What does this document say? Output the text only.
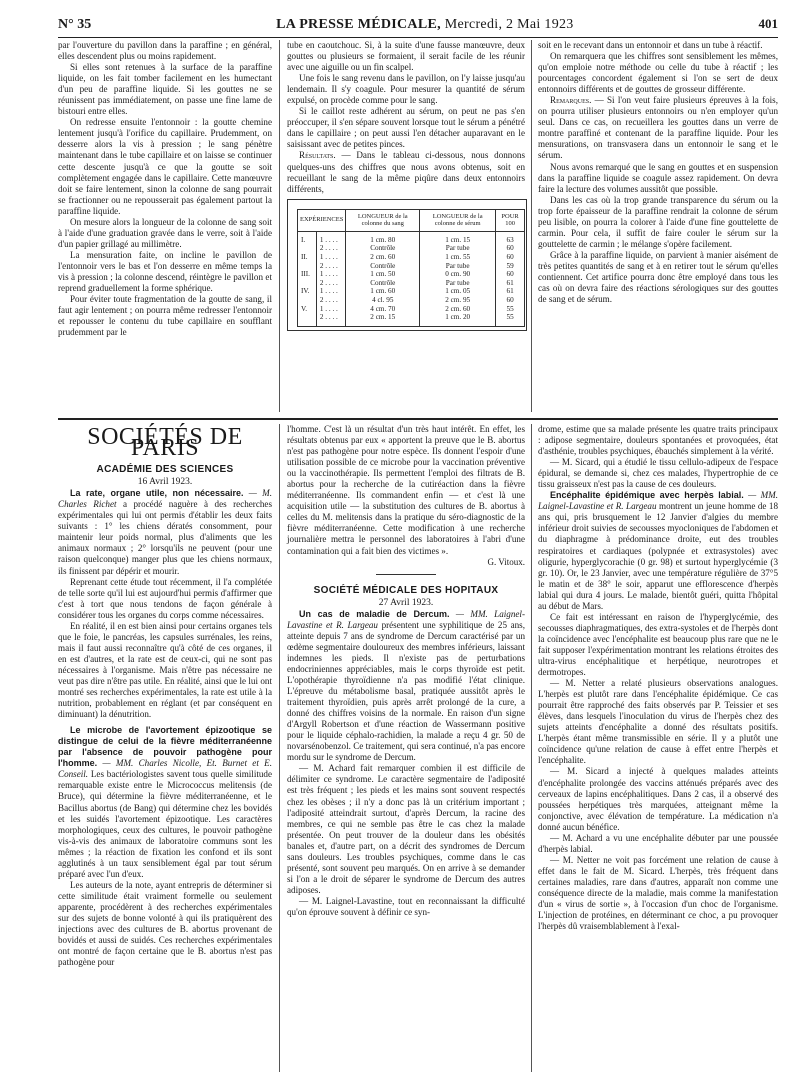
N° 35	LA PRESSE MÉDICALE, Mercredi, 2 Mai 1923	401

par l'ouverture du pavillon dans la paraffine ; en général, elles descendent plus ou moins rapidement.

Si elles sont retenues à la surface de la paraffine liquide, on les fait tomber facilement en les humectant d'un peu de paraffine liquide. Si les gouttes ne se réunissent pas immédiatement, on passe une fine lame de bistouri entre elles.

On redresse ensuite l'entonnoir : la goutte chemine lentement jusqu'à l'orifice du capillaire. Prudemment, on desserre alors la vis à pression ; le sang pénètre maintenant dans le tube capillaire et on laisse se continuer cette descente jusqu'à ce que la goutte se soit complètement engagée dans le capillaire. Cette manœuvre doit se faire lentement, sinon la colonne de sang pourrait se fractionner ou ne repousserait pas également partout la paraffine liquide.

On mesure alors la longueur de la colonne de sang soit à l'aide d'une graduation gravée dans le verre, soit à l'aide d'un papier grillagé au millimètre.

La mensuration faite, on incline le pavillon de l'entonnoir vers le bas et l'on desserre en même temps la vis à pression ; la colonne descend, réintègre le pavillon et reprend graduellement la forme sphérique.

Pour éviter toute fragmentation de la goutte de sang, il faut agir lentement ; on pourra même redresser l'entonnoir et repousser le contenu du tube capillaire en soufflant prudemment par le

tube en caoutchouc. Si, à la suite d'une fausse manœuvre, deux gouttes ou plusieurs se formaient, il serait facile de les réunir avec une aiguille ou un fin scalpel.

Une fois le sang revenu dans le pavillon, on l'y laisse jusqu'au lendemain. Il s'y coagule. Pour mesurer la quantité de sérum expulsé, on procède comme pour le sang.

Si le caillot reste adhérent au sérum, on peut ne pas s'en préoccuper, il s'en sépare souvent lorsque tout le sérum a pénétré dans le capillaire ; on peut aussi l'en détacher auparavant en le saisissant avec de petites pinces.

Résultats. — Dans le tableau ci-dessous, nous donnons quelques-uns des chiffres que nous avons obtenus, soit en recueillant le sang de la même piqûre dans deux entonnoirs différents,

EXPÉRIENCES		LONGUEUR de la colonne du sang	LONGUEUR de la colonne de sérum	POUR 100
I.	1 . . . .	1 cm. 80	1 cm. 15	63
	2 . . . .	Contrôle	Par tube	60
II.	1 . . . .	2 cm. 60	1 cm. 55	60
	2 . . . .	Contrôle	Par tube	59
III.	1 . . . .	1 cm. 50	0 cm. 90	60
	2 . . . .	Contrôle	Par tube	61
IV.	1 . . . .	1 cm. 60	1 cm. 05	61
	2 . . . .	4 cl. 95	2 cm. 95	60
V.	1 . . . .	4 cm. 70	2 cm. 60	55
	2 . . . .	2 cm. 15	1 cm. 20	55

soit en le recevant dans un entonnoir et dans un tube à réactif.

On remarquera que les chiffres sont sensiblement les mêmes, qu'on emploie notre méthode ou celle du tube à réactif ; les pourcentages concordent également si l'on se sert de deux entonnoirs différents et de gouttes de grosseur différente.

Remarques. — Si l'on veut faire plusieurs épreuves à la fois, on pourra utiliser plusieurs entonnoirs ou n'en employer qu'un seul. Dans ce cas, on recueillera les gouttes dans un verre de montre paraffiné et contenant de la paraffine liquide. Pour les mensurations, on transvasera dans un entonnoir le sang et le sérum.

Nous avons remarqué que le sang en gouttes et en suspension dans la paraffine liquide se coagule assez rapidement. On devra faire la lecture des volumes aussitôt que possible.

Dans les cas où la trop grande transparence du sérum ou la trop forte épaisseur de la paraffine rendrait la colonne de sérum peu lisible, on pourra la colorer à l'aide d'une fine gouttelette de carmin. Pour cela, il suffit de faire couler le sérum sur la gouttelette de carmin ; le mélange s'opère facilement.

Grâce à la paraffine liquide, on parvient à manier aisément de très petites quantités de sang et à en retirer tout le sérum qu'elles contiennent. Cet artifice pourra donc être employé dans tous les cas où on devra faire des réactions sérologiques sur des gouttes de sang et de sérum.

SOCIÉTÉS DE PARIS
ACADÉMIE DES SCIENCES

16 Avril 1923.

La rate, organe utile, non nécessaire. — M. Charles Richet a procédé naguère à des recherches expérimentales qui lui ont permis d'établir les deux faits suivants : 1° les chiens dératés consomment, pour maintenir leur poids normal, plus d'aliments que les animaux normaux ; 2° lorsqu'ils ne peuvent (pour une raison quelconque) manger plus que les chiens normaux, ils finissent par dépérir et mourir.

Reprenant cette étude tout récemment, il l'a complétée de telle sorte qu'il lui est aujourd'hui permis d'affirmer que c'est à tort que nous tendons de façon générale à considérer tous les organes du corps comme nécessaires.

En réalité, il en est bien ainsi pour certains organes tels que le foie, le pancréas, les capsules surrénales, les reins, mais il faut aussi reconnaître qu'à côté de ces organes, il en est d'autres, et la rate est de ceux-ci, qui ne sont pas nécessaires à l'organisme. Mais n'être pas nécessaire ne veut pas dire n'être pas utile. En réalité, ainsi que le lui ont montré ses recherches expérimentales, la rate est utile à la nutrition, probablement en réglant (et par conséquent en diminuant) la dénutrition.

Le microbe de l'avortement épizootique se distingue de celui de la fièvre méditerranéenne par l'absence de pouvoir pathogène pour l'homme. — MM. Charles Nicolle, Et. Burnet et E. Conseil. Les bactériologistes savent tous quelle similitude remarquable existe entre le Micrococcus melitensis (de Bruce), qui détermine la fièvre méditerranéenne, et le Bacillus abortus (de Bang) qui détermine chez les bovidés et les suidés l'avortement épizootique. Les caractères morphologiques, ceux des cultures, le pouvoir pathogène vis-à-vis des animaux de laboratoire communs sont les mêmes ; la réaction de fixation les confond et ils sont agglutinés à un taux sensiblement égal par tout sérum préparé avec l'un d'eux.

Les auteurs de la note, ayant entrepris de déterminer si cette similitude était vraiment formelle ou seulement apparente, procédèrent à des recherches expérimentales sur des sujets de bonne volonté à qui ils pratiquèrent des injections avec des cultures de B. abortus provenant de bovidés et aussi de suidés. Ces recherches expérimentales ont montré de façon certaine que le B. abortus n'est pas pathogène pour

l'homme. C'est là un résultat d'un très haut intérêt. En effet, les résultats obtenus par eux « apportent la preuve que le B. abortus n'est pas pathogène pour notre espèce. Ils donnent l'espoir d'une utilisation possible de ce microbe pour la vaccination préventive ou la vaccinothérapie. Ils permettent l'emploi des filtrats de B. abortus pour la recherche de la cutiréaction dans la fièvre méditerranéenne. Ils commandent enfin — et c'est là une acquisition utile — la substitution des cultures de B. abortus à celles du M. melitensis dans la pratique du séro-diagnostic de la fièvre méditerranéenne. Cette modification à une recherche journalière mettra le personnel des laboratoires à l'abri d'une contamination qui a fait bien des victimes ».

G. Vitoux.

SOCIÉTÉ MÉDICALE DES HOPITAUX

27 Avril 1923.

Un cas de maladie de Dercum. — MM. Laignel-Lavastine et R. Largeau présentent une syphilitique de 25 ans, atteinte depuis 7 ans de syndrome de Dercum caractérisé par un œdème segmentaire douloureux des membres inférieurs, laissant indemnes les pieds. Il n'existe pas de perturbations endocriniennes appréciables, mais le corps thyroïde est petit. L'opothérapie thyroïdienne n'a pas modifié l'état clinique. L'épreuve du métabolisme basal, pratiquée aussitôt après le traitement thyroïdien, puis après arrêt prolongé de la cure, a donné des chiffres voisins de la normale. En raison d'un signe d'Argyll Robertson et d'une réaction de Wassermann positive pour le liquide céphalo-rachidien, la malade a reçu 4 gr. 50 de novarsénobenzol. Ce traitement, qui sera continué, n'a pas encore mordu sur le syndrome de Dercum.

— M. Achard fait remarquer combien il est difficile de délimiter ce syndrome. Le caractère segmentaire de l'adiposité est très fréquent ; les pieds et les mains sont souvent respectés chez les obèses ; il n'y a donc pas là un critérium important ; l'adiposité atteindrait surtout, d'après Dercum, la racine des membres, ce qui ne semble pas être le cas chez la malade présentée. On peut trouver de la douleur dans les obésités banales et, d'autre part, on a décrit des syndromes de Dercum sans douleurs. Les troubles psychiques, comme dans le cas présenté, sont souvent peu marqués. On en arrive à se demander si l'on a le droit de séparer le syndrome de Dercum des autres adiposes.

— M. Laignel-Lavastine, tout en reconnaissant la difficulté qu'on éprouve souvent à définir ce syn-

drome, estime que sa malade présente les quatre traits principaux : adipose segmentaire, douleurs spontanées et provoquées, état d'asthénie, troubles psychiques, ébauchés simplement à la vérité.

— M. Sicard, qui a étudié le tissu cellulo-adipeux de l'espace épidural, se demande si, chez ces malades, l'hypertrophie de ce tissu graisseux n'est pas la cause de ces douleurs.

Encéphalite épidémique avec herpès labial. — MM. Laignel-Lavastine et R. Largeau montrent un jeune homme de 18 ans qui, pris brusquement le 12 Janvier d'algies du membre inférieur droit suivies de secousses myocloniques de l'abdomen et du diaphragme à prédominance droite, eut des troubles respiratoires et cardiaques (polypnée et extrasystoles) avec oligurie, hyperglycorachie (0 gr. 98) et surtout hyperglycémie (3 gr. 10). Or, le 23 Janvier, avec une température régulière de 37°5 le matin et de 38° le soir, apparut une efflorescence d'herpès labial qui dura 4 jours. Le malade, bientôt guéri, quitta l'hôpital au début de Mars.

Ce fait est intéressant en raison de l'hyperglycémie, des secousses diaphragmatiques, des extra-systoles et de l'herpès dont la coïncidence avec l'encéphalite est beaucoup plus rare que ne le fait supposer l'expérimentation montrant les relations étroites des ultra-virus encéphalitique et herpétique, neurotropes et dermotropes.

— M. Netter a relaté plusieurs observations analogues. L'herpès est plutôt rare dans l'encéphalite épidémique. Ce cas pourrait être rapproché des faits observés par P. Teissier et ses élèves, dans lesquels l'inoculation du virus de l'herpès chez des sujets atteints d'encéphalite a donné des résultats positifs. L'herpès étant même transmissible en série. Il y a plutôt une coïncidence qu'une relation de cause à effet entre l'herpès et l'encéphalite.

— M. Sicard a injecté à quelques malades atteints d'encéphalite prolongée des vaccins atténués préparés avec des cerveaux de lapins encéphalitiques. Dans 2 cas, il a observé des poussées herpétiques très marquées, atteignant même la conjonctive, avec élévation de température. La médication n'a donné aucun bénéfice.

— M. Achard a vu une encéphalite débuter par une poussée d'herpès labial.

— M. Netter ne voit pas forcément une relation de cause à effet dans le fait de M. Sicard. L'herpès, très fréquent dans certaines maladies, rare dans d'autres, apparaît non comme une conséquence directe de la maladie, mais comme la manifestation d'un « virus de sortie », à l'occasion d'un choc de l'organisme. L'injection de protéines, en déterminant ce choc, a pu provoquer l'herpès dû vraisemblablement à l'exal-
